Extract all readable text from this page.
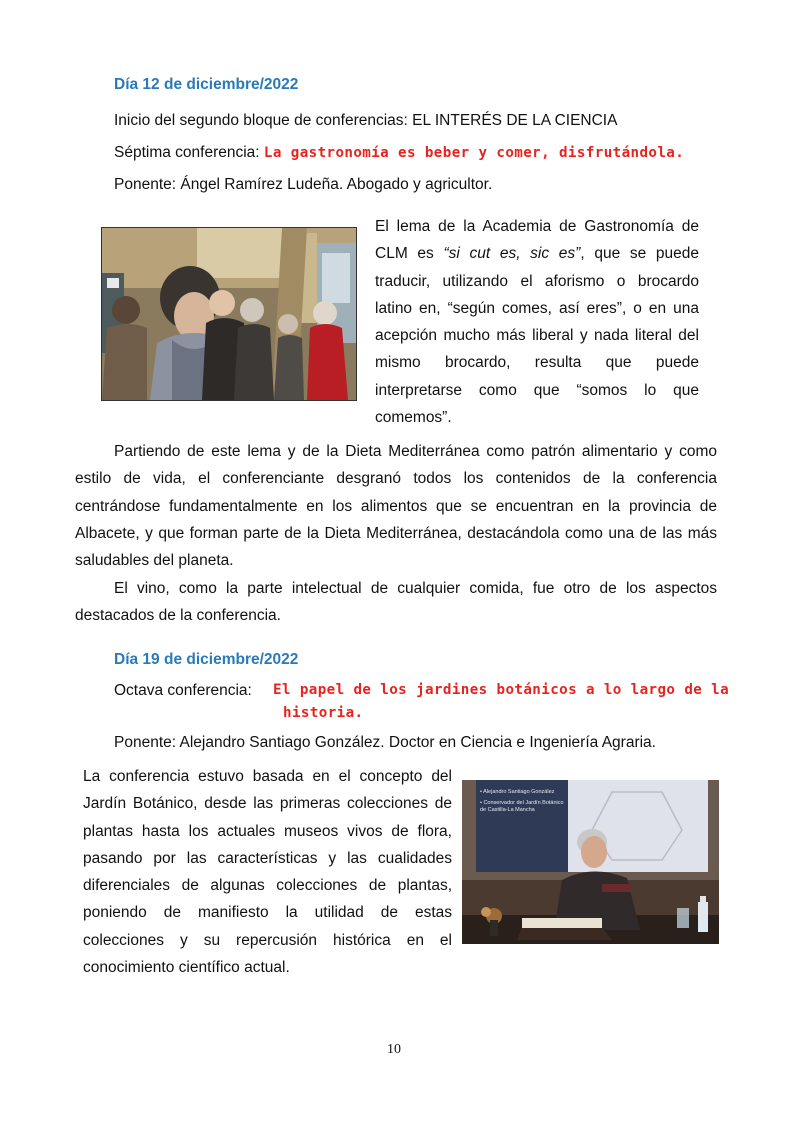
Día 12 de diciembre/2022
Inicio del segundo bloque de conferencias: EL INTERÉS DE LA CIENCIA
Séptima conferencia: La gastronomía es beber y comer, disfrutándola.
Ponente: Ángel Ramírez Ludeña. Abogado y agricultor.
El lema de la Academia de Gastronomía de CLM es “si cut es, sic es”, que se puede traducir, utilizando el aforismo o brocardo latino en, “según comes, así eres”, o en una acepción mucho más liberal y nada literal del mismo brocardo, resulta que puede interpretarse como que “somos lo que comemos”.
Partiendo de este lema y de la Dieta Mediterránea como patrón alimentario y como estilo de vida, el conferenciante desgranó todos los contenidos de la conferencia centrándose fundamentalmente en los alimentos que se encuentran en la provincia de Albacete, y que forman parte de la Dieta Mediterránea, destacándola como una de las más saludables del planeta.
El vino, como la parte intelectual de cualquier comida, fue otro de los aspectos destacados de la conferencia.
Día 19 de diciembre/2022
Octava conferencia: El papel de los jardines botánicos a lo largo de la
historia.
Ponente: Alejandro Santiago González. Doctor en Ciencia e Ingeniería Agraria.
La conferencia estuvo basada en el concepto del Jardín Botánico, desde las primeras colecciones de plantas hasta los actuales museos vivos de flora, pasando por las características y las cualidades diferenciales de algunas colecciones de plantas, poniendo de manifiesto la utilidad de estas colecciones y su repercusión histórica en el conocimiento científico actual.
• Alejandro Santiago González
• Conservador del Jardín Botánico de Castilla-La Mancha
10
